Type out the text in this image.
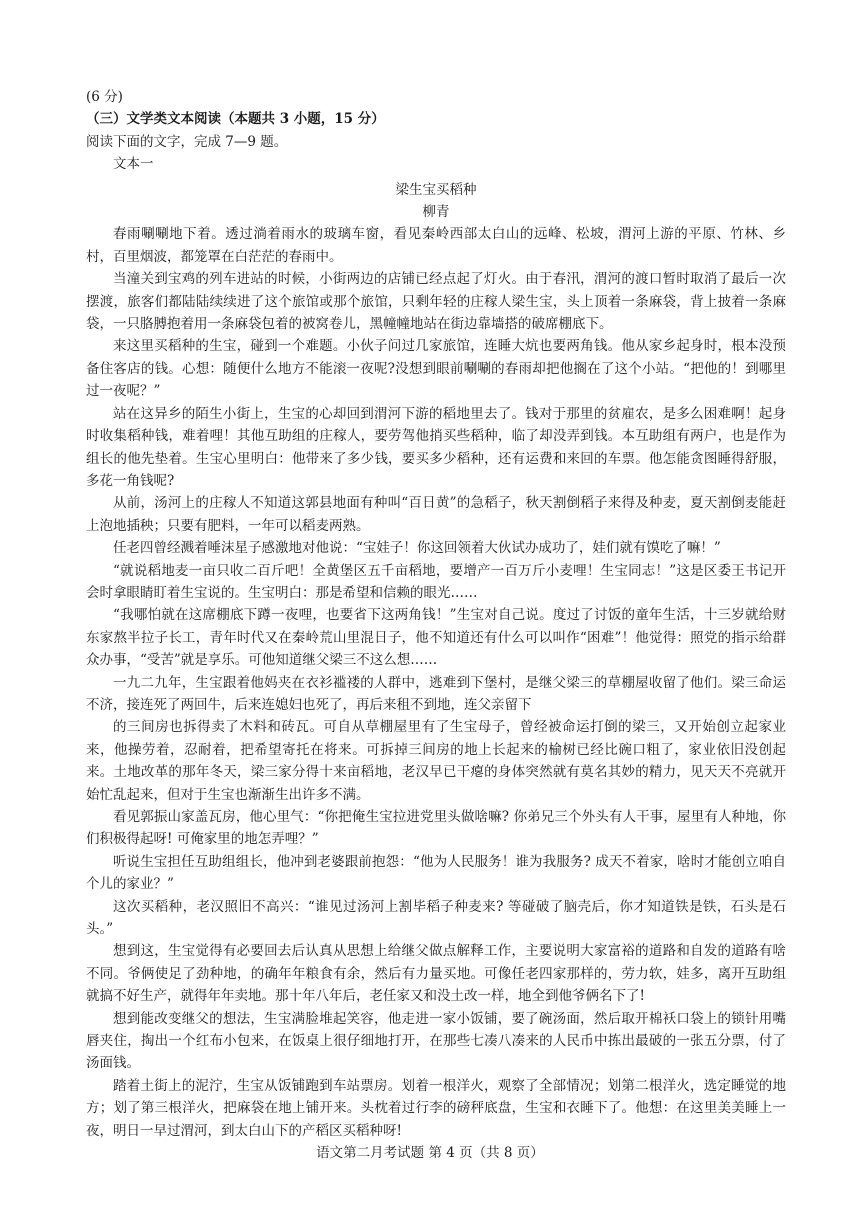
(6 分)

（三）文学类文本阅读（本题共 3 小题，15 分）

阅读下面的文字，完成 7—9 题。

文本一

梁生宝买稻种

柳青

春雨唰唰地下着。透过淌着雨水的玻璃车窗，看见秦岭西部太白山的远峰、松坡，渭河上游的平原、竹林、乡村，百里烟波，都笼罩在白茫茫的春雨中。

当潼关到宝鸡的列车进站的时候，小街两边的店铺已经点起了灯火。由于春汛，渭河的渡口暂时取消了最后一次摆渡，旅客们都陆陆续续进了这个旅馆或那个旅馆，只剩年轻的庄稼人梁生宝，头上顶着一条麻袋，背上披着一条麻袋，一只胳膊抱着用一条麻袋包着的被窝卷儿，黑幢幢地站在街边靠墙搭的破席棚底下。

来这里买稻种的生宝，碰到一个难题。小伙子问过几家旅馆，连睡大炕也要两角钱。他从家乡起身时，根本没预备住客店的钱。心想：随便什么地方不能滚一夜呢?没想到眼前唰唰的春雨却把他搁在了这个小站。“把他的！到哪里过一夜呢？”

站在这异乡的陌生小街上，生宝的心却回到渭河下游的稻地里去了。钱对于那里的贫雇农，是多么困难啊！起身时收集稻种钱，难着哩！其他互助组的庄稼人，要劳驾他捎买些稻种，临了却没弄到钱。本互助组有两户，也是作为组长的他先垫着。生宝心里明白：他带来了多少钱，要买多少稻种，还有运费和来回的车票。他怎能贪图睡得舒服，多花一角钱呢?

从前，汤河上的庄稼人不知道这郭县地面有种叫“百日黄”的急稻子，秋天割倒稻子来得及种麦，夏天割倒麦能赶上泡地插秧；只要有肥料，一年可以稻麦两熟。

任老四曾经溅着唾沫星子感激地对他说：“宝娃子！你这回领着大伙试办成功了，娃们就有馍吃了嘛！”

“就说稻地麦一亩只收二百斤吧！全黄堡区五千亩稻地，要增产一百万斤小麦哩！生宝同志！”这是区委王书记开会时拿眼睛盯着生宝说的。生宝明白：那是希望和信赖的眼光……

“我哪怕就在这席棚底下蹲一夜哩，也要省下这两角钱！”生宝对自己说。度过了讨饭的童年生活，十三岁就给财东家熬半拉子长工，青年时代又在秦岭荒山里混日子，他不知道还有什么可以叫作“困难”！他觉得：照党的指示给群众办事，“受苦”就是享乐。可他知道继父梁三不这么想……

一九二九年，生宝跟着他妈夹在衣衫褴褛的人群中，逃难到下堡村，是继父梁三的草棚屋收留了他们。梁三命运不济，接连死了两回牛，后来连媳妇也死了，再后来租不到地，连父亲留下

的三间房也拆得卖了木料和砖瓦。可自从草棚屋里有了生宝母子，曾经被命运打倒的梁三，又开始创立起家业来，他操劳着，忍耐着，把希望寄托在将来。可拆掉三间房的地上长起来的榆树已经比碗口粗了，家业依旧没创起来。土地改革的那年冬天，梁三家分得十来亩稻地，老汉早已干瘪的身体突然就有莫名其妙的精力，见天天不亮就开始忙乱起来，但对于生宝也渐渐生出许多不满。

看见郭振山家盖瓦房，他心里气：“你把俺生宝拉进党里头做啥嘛? 你弟兄三个外头有人干事，屋里有人种地，你们积极得起呀! 可俺家里的地怎弄哩？”

听说生宝担任互助组组长，他冲到老婆跟前抱怨：“他为人民服务！谁为我服务? 成天不着家，啥时才能创立咱自个儿的家业？”

这次买稻种，老汉照旧不高兴：“谁见过汤河上割毕稻子种麦来? 等碰破了脑壳后，你才知道铁是铁，石头是石头。”

想到这，生宝觉得有必要回去后认真从思想上给继父做点解释工作，主要说明大家富裕的道路和自发的道路有啥不同。爷俩使足了劲种地，的确年年粮食有余，然后有力量买地。可像任老四家那样的，劳力软，娃多，离开互助组就搞不好生产，就得年年卖地。那十年八年后，老任家又和没土改一样，地全到他爷俩名下了!

想到能改变继父的想法，生宝满脸堆起笑容，他走进一家小饭铺，要了碗汤面，然后取开棉袄口袋上的锁针用嘴唇夹住，掏出一个红布小包来，在饭桌上很仔细地打开，在那些七凑八凑来的人民币中拣出最破的一张五分票，付了汤面钱。

踏着土街上的泥泞，生宝从饭铺跑到车站票房。划着一根洋火，观察了全部情况；划第二根洋火，选定睡觉的地方；划了第三根洋火，把麻袋在地上铺开来。头枕着过行李的磅秤底盘，生宝和衣睡下了。他想：在这里美美睡上一夜，明日一早过渭河，到太白山下的产稻区买稻种呀!

语文第二月考试题 第 4 页（共 8 页）
